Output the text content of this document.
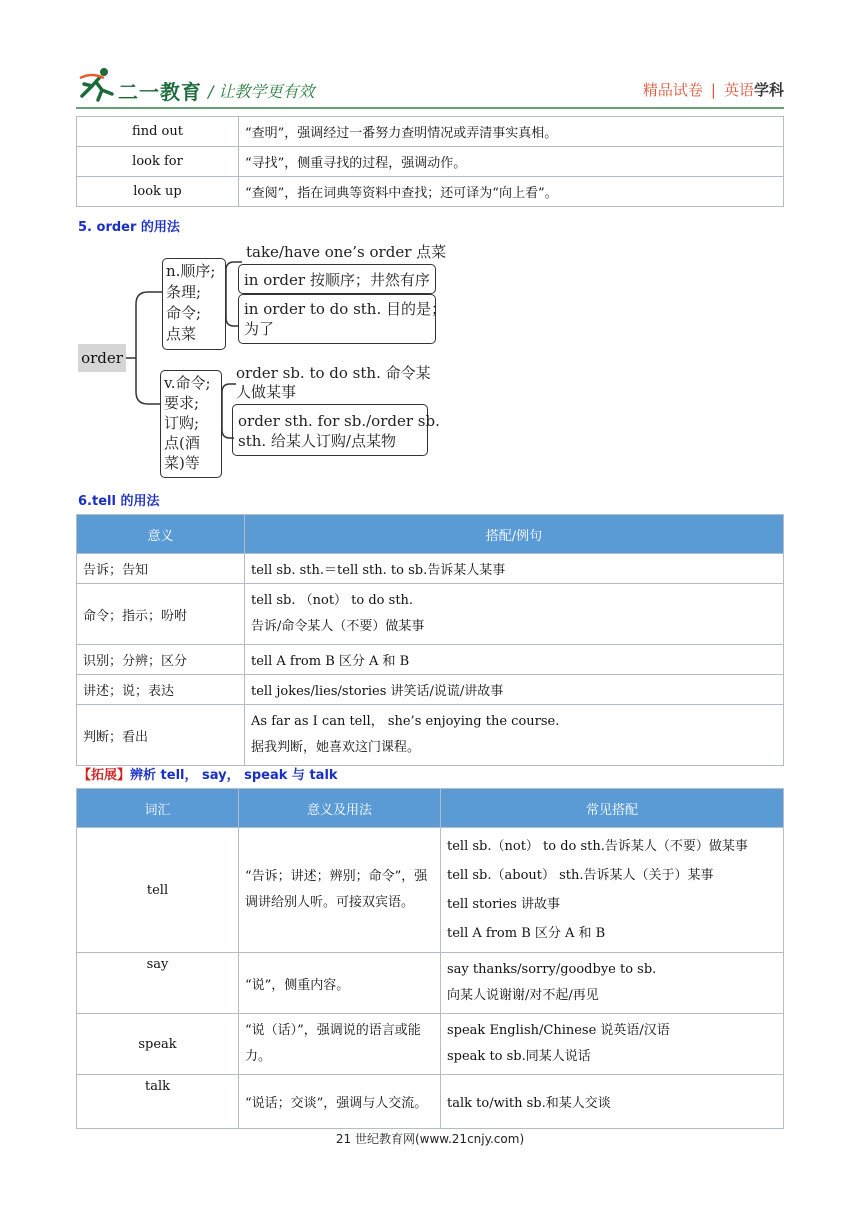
二一教育 / 让教学更有效	精品试卷 | 英语学科
find out	“查明”，强调经过一番努力查明情况或弄清事实真相。
look for	“寻找”，侧重寻找的过程，强调动作。
look up	“查阅”，指在词典等资料中查找；还可译为“向上看”。
5. order 的用法
order
n.顺序;
条理;
命令;
点菜
take/have one’s order 点菜
in order 按顺序；井然有序
in order to do sth. 目的是；
为了
v.命令;
要求;
订购;
点(酒
菜)等
order sb. to do sth. 命令某
人做某事
order sth. for sb./order sb.
sth. 给某人订购/点某物
6.tell 的用法
意义	搭配/例句
告诉；告知	tell sb. sth.＝tell sth. to sb.告诉某人某事
命令；指示；吩咐	tell sb. （not） to do sth.
告诉/命令某人（不要）做某事

识别；分辨；区分	tell A from B 区分 A 和 B
讲述；说；表达	tell jokes/lies/stories 讲笑话/说谎/讲故事
判断；看出	As far as I can tell， she’s enjoying the course.
据我判断，她喜欢这门课程。
【拓展】辨析 tell， say， speak 与 talk
词汇	意义及用法	常见搭配
tell	“告诉；讲述；辨别；命令”，强调讲给别人听。可接双宾语。	tell sb.（not） to do sth.告诉某人（不要）做某事
tell sb.（about） sth.告诉某人（关于）某事
tell stories 讲故事
tell A from B 区分 A 和 B

say	“说”，侧重内容。	say thanks/sorry/goodbye to sb.
向某人说谢谢/对不起/再见

speak	“说（话）”，强调说的语言或能力。	speak English/Chinese 说英语/汉语
speak to sb.同某人说话

talk	“说话；交谈”，强调与人交流。	talk to/with sb.和某人交谈
21 世纪教育网(www.21cnjy.com)
